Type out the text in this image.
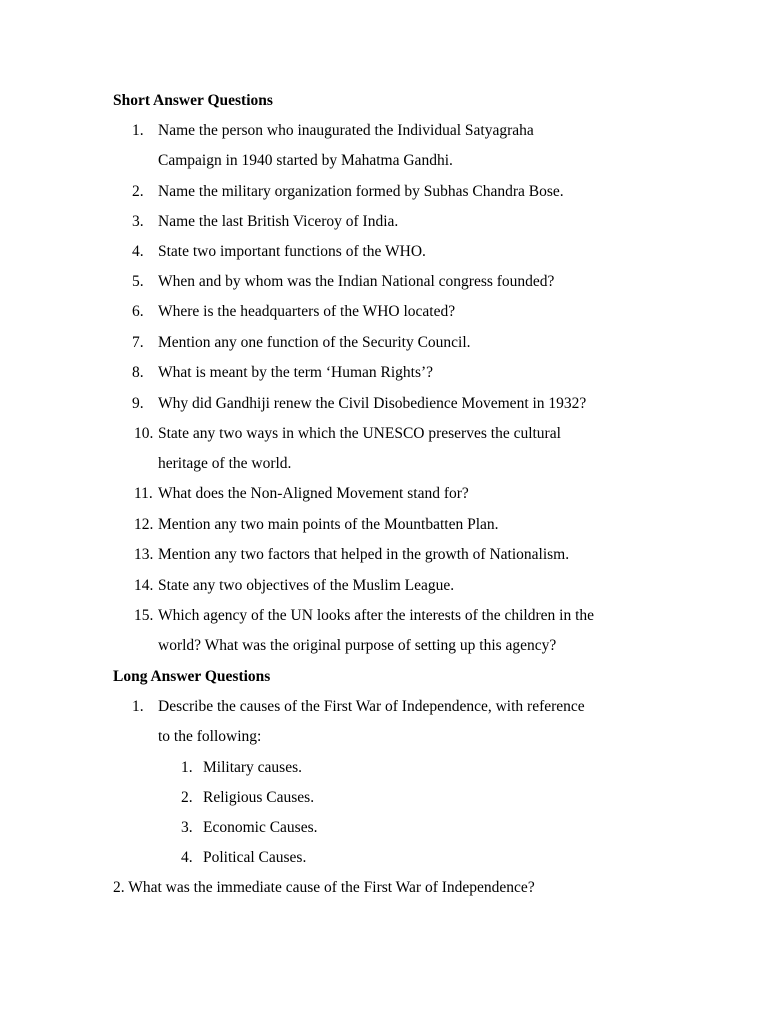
Short Answer Questions
1. Name the person who inaugurated the Individual Satyagraha
Campaign in 1940 started by Mahatma Gandhi.
2. Name the military organization formed by Subhas Chandra Bose.
3. Name the last British Viceroy of India.
4. State two important functions of the WHO.
5. When and by whom was the Indian National congress founded?
6. Where is the headquarters of the WHO located?
7. Mention any one function of the Security Council.
8. What is meant by the term ‘Human Rights’?
9. Why did Gandhiji renew the Civil Disobedience Movement in 1932?
10. State any two ways in which the UNESCO preserves the cultural
heritage of the world.
11. What does the Non-Aligned Movement stand for?
12. Mention any two main points of the Mountbatten Plan.
13. Mention any two factors that helped in the growth of Nationalism.
14. State any two objectives of the Muslim League.
15. Which agency of the UN looks after the interests of the children in the
world? What was the original purpose of setting up this agency?
Long Answer Questions
1. Describe the causes of the First War of Independence, with reference
to the following:
1. Military causes.
2. Religious Causes.
3. Economic Causes.
4. Political Causes.
2. What was the immediate cause of the First War of Independence?
